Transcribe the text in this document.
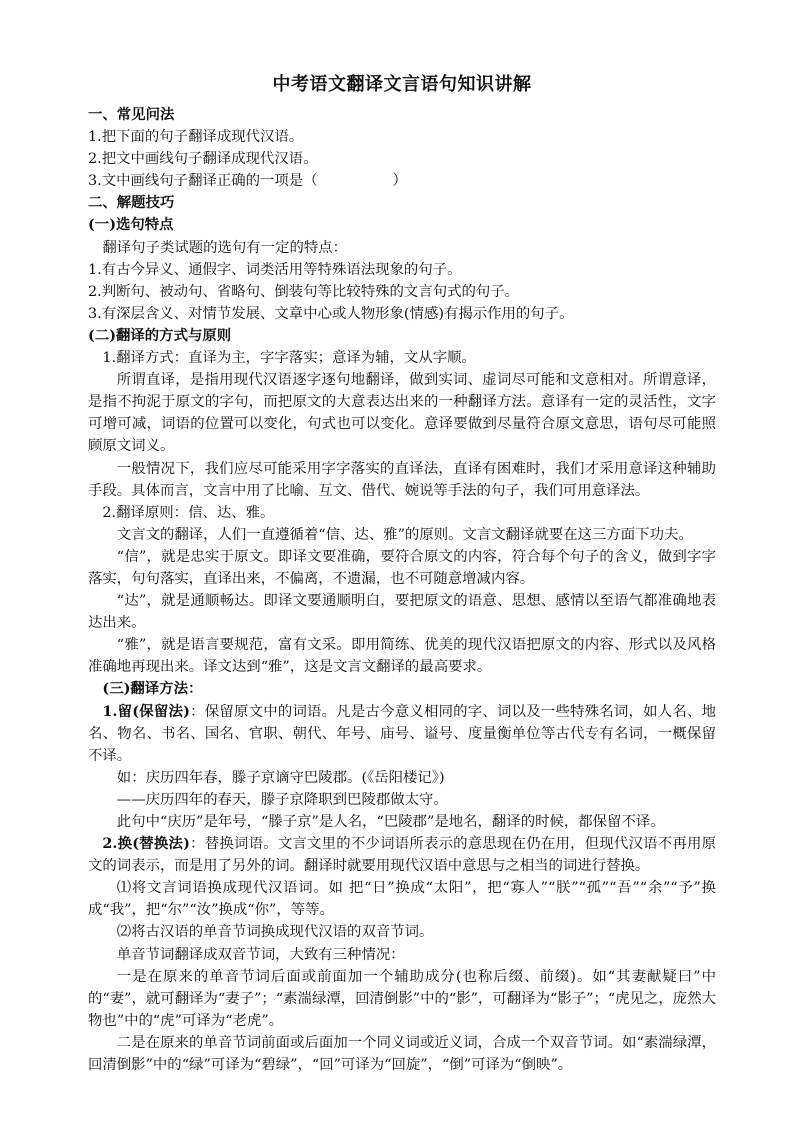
中考语文翻译文言语句知识讲解

一、常见问法

1.把下面的句子翻译成现代汉语。

2.把文中画线句子翻译成现代汉语。

3.文中画线句子翻译正确的一项是（	）

二、解题技巧

(一)选句特点

翻译句子类试题的选句有一定的特点：

1.有古今异义、通假字、词类活用等特殊语法现象的句子。

2.判断句、被动句、省略句、倒装句等比较特殊的文言句式的句子。

3.有深层含义、对情节发展、文章中心或人物形象(情感)有揭示作用的句子。

(二)翻译的方式与原则

1.翻译方式：直译为主，字字落实；意译为辅，文从字顺。

所谓直译，是指用现代汉语逐字逐句地翻译，做到实词、虚词尽可能和文意相对。所谓意译，是指不拘泥于原文的字句，而把原文的大意表达出来的一种翻译方法。意译有一定的灵活性，文字可增可减，词语的位置可以变化，句式也可以变化。意译要做到尽量符合原文意思，语句尽可能照顾原文词义。

一般情况下，我们应尽可能采用字字落实的直译法，直译有困难时，我们才采用意译这种辅助手段。具体而言，文言中用了比喻、互文、借代、婉说等手法的句子，我们可用意译法。

2.翻译原则：信、达、雅。

文言文的翻译，人们一直遵循着“信、达、雅”的原则。文言文翻译就要在这三方面下功夫。

“信”，就是忠实于原文。即译文要准确，要符合原文的内容，符合每个句子的含义，做到字字落实，句句落实，直译出来，不偏离，不遗漏，也不可随意增减内容。

“达”，就是通顺畅达。即译文要通顺明白，要把原文的语意、思想、感情以至语气都准确地表达出来。

“雅”，就是语言要规范，富有文采。即用简练、优美的现代汉语把原文的内容、形式以及风格准确地再现出来。译文达到“雅”，这是文言文翻译的最高要求。

(三)翻译方法：

1.留(保留法)：保留原文中的词语。凡是古今意义相同的字、词以及一些特殊名词，如人名、地名、物名、书名、国名、官职、朝代、年号、庙号、谥号、度量衡单位等古代专有名词，一概保留不译。

如：庆历四年春，滕子京谪守巴陵郡。(《岳阳楼记》)

——庆历四年的春天，滕子京降职到巴陵郡做太守。

此句中“庆历”是年号，“滕子京”是人名，“巴陵郡”是地名，翻译的时候，都保留不译。

2.换(替换法)：替换词语。文言文里的不少词语所表示的意思现在仍在用，但现代汉语不再用原文的词表示，而是用了另外的词。翻译时就要用现代汉语中意思与之相当的词进行替换。

⑴将文言词语换成现代汉语词。如 把“日”换成“太阳”，把“寡人”“朕”“孤”“吾”“余”“予”换成“我”，把“尔”“汝”换成“你”，等等。

⑵将古汉语的单音节词换成现代汉语的双音节词。

单音节词翻译成双音节词，大致有三种情况：

一是在原来的单音节词后面或前面加一个辅助成分(也称后缀、前缀)。如“其妻献疑曰”中的“妻”，就可翻译为“妻子”；“素湍绿潭，回清倒影”中的“影”，可翻译为“影子”；“虎见之，庞然大物也”中的“虎”可译为“老虎”。

二是在原来的单音节词前面或后面加一个同义词或近义词，合成一个双音节词。如“素湍绿潭，回清倒影”中的“绿”可译为“碧绿”，“回”可译为“回旋”，“倒”可译为“倒映”。
